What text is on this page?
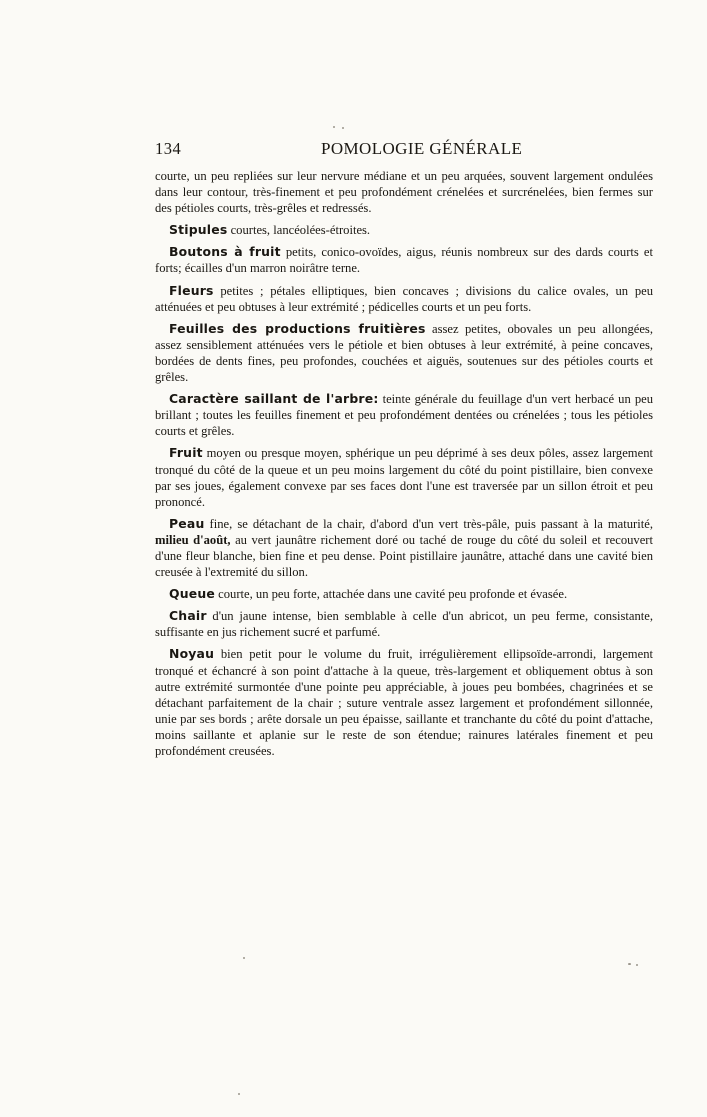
134	POMOLOGIE GÉNÉRALE

courte, un peu repliées sur leur nervure médiane et un peu arquées, souvent largement ondulées dans leur contour, très-finement et peu profondément crénelées et surcrénelées, bien fermes sur des pétioles courts, très-grêles et redressés.

Stipules courtes, lancéolées-étroites.

Boutons à fruit petits, conico-ovoïdes, aigus, réunis nombreux sur des dards courts et forts; écailles d'un marron noirâtre terne.

Fleurs petites ; pétales elliptiques, bien concaves ; divisions du calice ovales, un peu atténuées et peu obtuses à leur extrémité ; pédicelles courts et un peu forts.

Feuilles des productions fruitières assez petites, obovales un peu allongées, assez sensiblement atténuées vers le pétiole et bien obtuses à leur extrémité, à peine concaves, bordées de dents fines, peu profondes, couchées et aiguës, soutenues sur des pétioles courts et grêles.

Caractère saillant de l'arbre: teinte générale du feuillage d'un vert herbacé un peu brillant ; toutes les feuilles finement et peu profondément dentées ou crénelées ; tous les pétioles courts et grêles.

Fruit moyen ou presque moyen, sphérique un peu déprimé à ses deux pôles, assez largement tronqué du côté de la queue et un peu moins largement du côté du point pistillaire, bien convexe par ses joues, également convexe par ses faces dont l'une est traversée par un sillon étroit et peu prononcé.

Peau fine, se détachant de la chair, d'abord d'un vert très-pâle, puis passant à la maturité, milieu d'août, au vert jaunâtre richement doré ou taché de rouge du côté du soleil et recouvert d'une fleur blanche, bien fine et peu dense. Point pistillaire jaunâtre, attaché dans une cavité bien creusée à l'extremité du sillon.

Queue courte, un peu forte, attachée dans une cavité peu profonde et évasée.

Chair d'un jaune intense, bien semblable à celle d'un abricot, un peu ferme, consistante, suffisante en jus richement sucré et parfumé.

Noyau bien petit pour le volume du fruit, irrégulièrement ellipsoïde-arrondi, largement tronqué et échancré à son point d'attache à la queue, très-largement et obliquement obtus à son autre extrémité surmontée d'une pointe peu appréciable, à joues peu bombées, chagrinées et se détachant parfaitement de la chair ; suture ventrale assez largement et profondément sillonnée, unie par ses bords ; arête dorsale un peu épaisse, saillante et tranchante du côté du point d'attache, moins saillante et aplanie sur le reste de son étendue; rainures latérales finement et peu profondément creusées.
